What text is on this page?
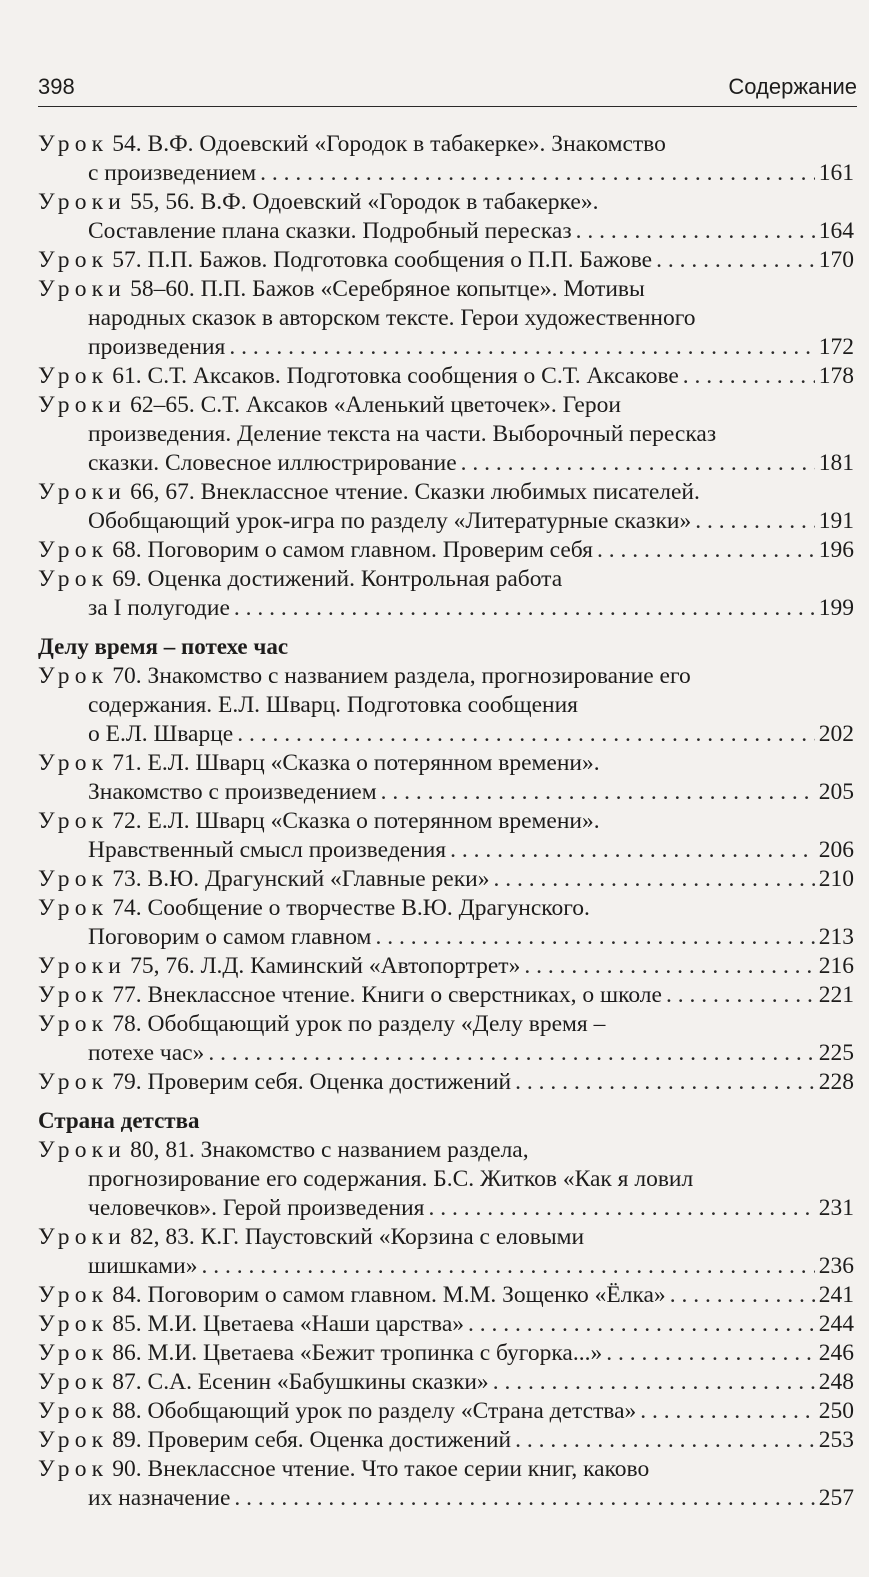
398	Содержание
Урок 54. В.Ф. Одоевский «Городок в табакерке». Знакомство
с произведением . . .	161
Уроки 55, 56. В.Ф. Одоевский «Городок в табакерке».
Составление плана сказки. Подробный пересказ . . .	164
Урок 57. П.П. Бажов. Подготовка сообщения о П.П. Бажове . . .	170
Уроки 58–60. П.П. Бажов «Серебряное копытце». Мотивы
народных сказок в авторском тексте. Герои художественного
произведения . . .	172
Урок 61. С.Т. Аксаков. Подготовка сообщения о С.Т. Аксакове . . .	178
Уроки 62–65. С.Т. Аксаков «Аленький цветочек». Герои
произведения. Деление текста на части. Выборочный пересказ
сказки. Словесное иллюстрирование . . .	181
Уроки 66, 67. Внеклассное чтение. Сказки любимых писателей.
Обобщающий урок-игра по разделу «Литературные сказки» . . .	191
Урок 68. Поговорим о самом главном. Проверим себя . . .	196
Урок 69. Оценка достижений. Контрольная работа
за I полугодие . . .	199
Делу время – потехе час
Урок 70. Знакомство с названием раздела, прогнозирование его
содержания. Е.Л. Шварц. Подготовка сообщения
о Е.Л. Шварце . . .	202
Урок 71. Е.Л. Шварц «Сказка о потерянном времени».
Знакомство с произведением . . .	205
Урок 72. Е.Л. Шварц «Сказка о потерянном времени».
Нравственный смысл произведения . . .	206
Урок 73. В.Ю. Драгунский «Главные реки» . . .	210
Урок 74. Сообщение о творчестве В.Ю. Драгунского.
Поговорим о самом главном . . .	213
Уроки 75, 76. Л.Д. Каминский «Автопортрет» . . .	216
Урок 77. Внеклассное чтение. Книги о сверстниках, о школе . . .	221
Урок 78. Обобщающий урок по разделу «Делу время –
потехе час» . . .	225
Урок 79. Проверим себя. Оценка достижений . . .	228
Страна детства
Уроки 80, 81. Знакомство с названием раздела,
прогнозирование его содержания. Б.С. Житков «Как я ловил
человечков». Герой произведения . . .	231
Уроки 82, 83. К.Г. Паустовский «Корзина с еловыми
шишками» . . .	236
Урок 84. Поговорим о самом главном. М.М. Зощенко «Ёлка» . . .	241
Урок 85. М.И. Цветаева «Наши царства» . . .	244
Урок 86. М.И. Цветаева «Бежит тропинка с бугорка...» . . .	246
Урок 87. С.А. Есенин «Бабушкины сказки» . . .	248
Урок 88. Обобщающий урок по разделу «Страна детства» . . .	250
Урок 89. Проверим себя. Оценка достижений . . .	253
Урок 90. Внеклассное чтение. Что такое серии книг, каково
их назначение . . .	257
